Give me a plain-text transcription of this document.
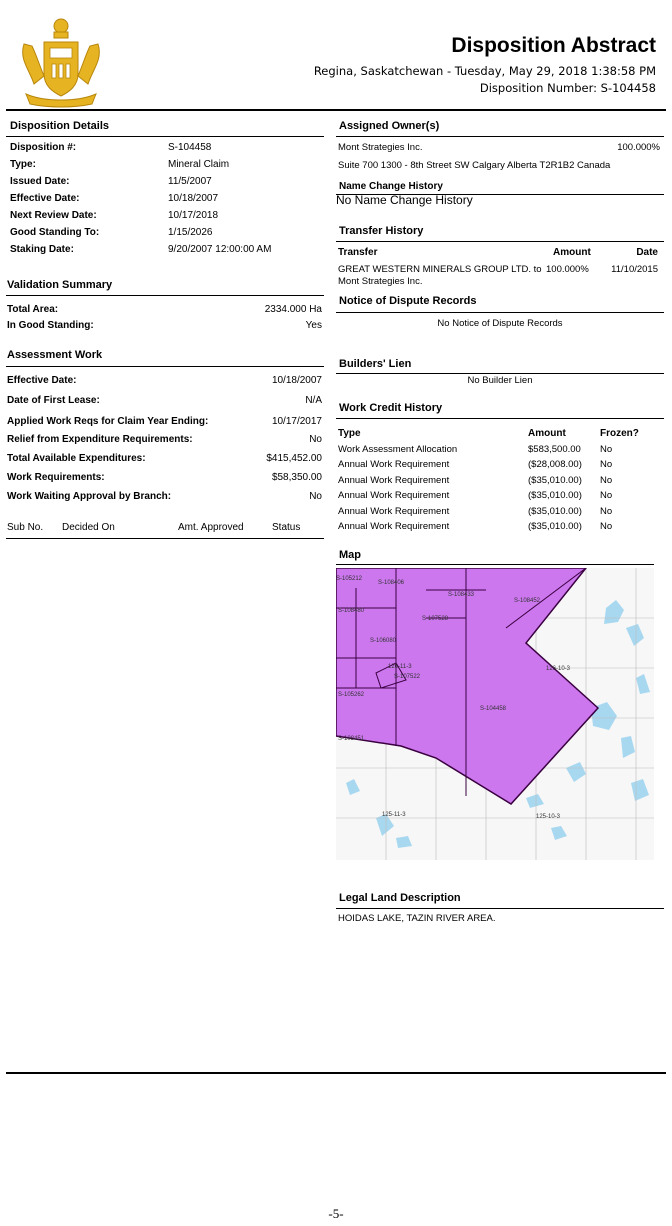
Disposition Abstract
Regina, Saskatchewan - Tuesday, May 29, 2018 1:38:58 PM
Disposition Number: S-104458
Disposition Details
Disposition #:	S-104458
Type:	Mineral Claim
Issued Date:	11/5/2007
Effective Date:	10/18/2007
Next Review Date:	10/17/2018
Good Standing To:	1/15/2026
Staking Date:	9/20/2007 12:00:00 AM
Validation Summary
Total Area:	2334.000 Ha
In Good Standing:	Yes
Assessment Work
Effective Date:	10/18/2007
Date of First Lease:	N/A
Applied Work Reqs for Claim Year Ending:	10/17/2017
Relief from Expenditure Requirements:	No
Total Available Expenditures:	$415,452.00
Work Requirements:	$58,350.00
Work Waiting Approval by Branch:	No
Sub No. Decided On	Amt. Approved	Status
Assigned Owner(s)
Mont Strategies Inc.	100.000%
Suite 700 1300 - 8th Street SW Calgary Alberta T2R1B2 Canada
Name Change History
No Name Change History
Transfer History
Transfer	Amount	Date
GREAT WESTERN MINERALS GROUP LTD. to
Mont Strategies Inc.
100.000% 11/10/2015
Notice of Dispute Records
No Notice of Dispute Records
Builders' Lien
No Builder Lien
Work Credit History
Type	Amount	Frozen?
Work Assessment Allocation	$583,500.00 No
Annual Work Requirement	($28,008.00) No
Annual Work Requirement	($35,010.00) No
Annual Work Requirement	($35,010.00) No
Annual Work Requirement	($35,010.00) No
Annual Work Requirement	($35,010.00) No
Map
S-104458
S-107528
S-108433
S-108452
S-108406
S-105212
S-108480
S-106080
S-105262
S-107522
S-108451
126-11-3	126-10-3
125-11-3	125-10-3
Legal Land Description
HOIDAS LAKE, TAZIN RIVER AREA.
-5-
